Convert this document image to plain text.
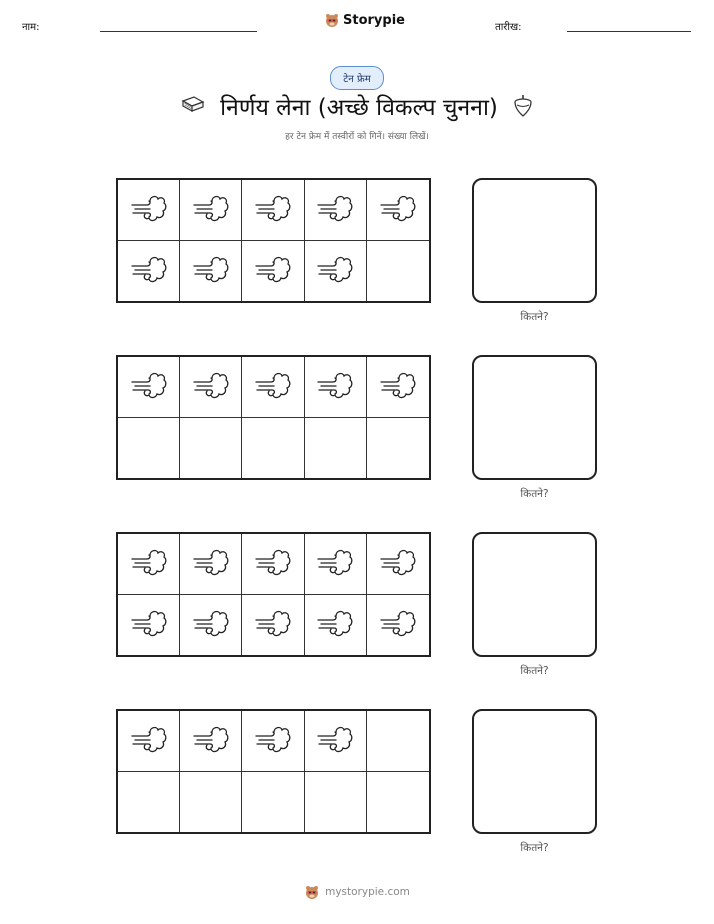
नाम:	Storypie	तारीख:
टेन फ्रेम
निर्णय लेना (अच्छे विकल्प चुनना)
हर टेन फ्रेम में तस्वीरों को गिनें। संख्या लिखें।
कितने?
कितने?
कितने?
कितने?
mystorypie.com
